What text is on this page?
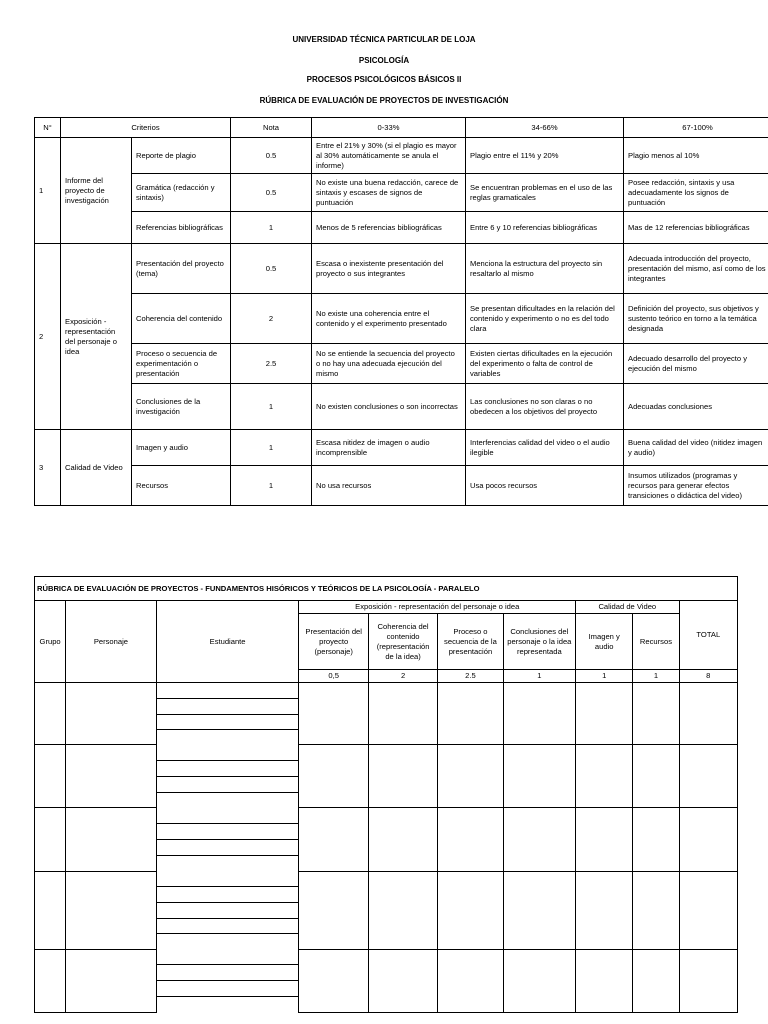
UNIVERSIDAD TÉCNICA PARTICULAR DE LOJA
PSICOLOGÍA
PROCESOS PSICOLÓGICOS BÁSICOS II
RÚBRICA DE EVALUACIÓN DE PROYECTOS DE INVESTIGACIÓN
N°	Criterios		Nota	0-33%	34-66%	67-100%
1	Informe del proyecto de investigación	Reporte de plagio	0.5	Entre el 21% y 30% (si el plagio es mayor al 30% automáticamente se anula el informe)	Plagio entre el 11% y 20%	Plagio menos al 10%
		Gramática (redacción y sintaxis)	0.5	No existe una buena redacción, carece de sintaxis y escases de signos de puntuación	Se encuentran problemas en el uso de las reglas gramaticales	Posee redacción, sintaxis y usa adecuadamente los signos de puntuación
		Referencias bibliográficas	1	Menos de 5 referencias bibliográficas	Entre 6 y 10 referencias bibliográficas	Mas de 12 referencias bibliográficas
2	Exposición - representación del personaje o idea	Presentación del proyecto (tema)	0.5	Escasa o inexistente presentación del proyecto o sus integrantes	Menciona la estructura del proyecto sin resaltarlo al mismo	Adecuada introducción del proyecto, presentación del mismo, así como de los integrantes
		Coherencia del contenido	2	No existe una coherencia entre el contenido y el experimento presentado	Se presentan dificultades en la relación del contenido y experimento o no es del todo clara	Definición del proyecto, sus objetivos y sustento teórico en torno a la temática designada
		Proceso o secuencia de experimentación o presentación	2.5	No se entiende la secuencia del proyecto o no hay una adecuada ejecución del mismo	Existen ciertas dificultades en la ejecución del experimento o falta de control de variables	Adecuado desarrollo del proyecto y ejecución del mismo
		Conclusiones de la investigación	1	No existen conclusiones o son incorrectas	Las conclusiones no son claras o no obedecen a los objetivos del proyecto	Adecuadas conclusiones
3	Calidad de Video	Imagen y audio	1	Escasa nitidez de imagen o audio incomprensible	Interferencias calidad del video o el audio ilegible	Buena calidad del video (nitidez imagen y audio)
		Recursos	1	No usa recursos	Usa pocos recursos	Insumos utilizados (programas y recursos para generar efectos transiciones o didáctica del video)
RÚBRICA DE EVALUACIÓN DE PROYECTOS - FUNDAMENTOS HISÓRICOS Y TEÓRICOS DE LA PSICOLOGÍA - PARALELO									
Grupo	Personaje	Estudiante	Exposición - representación del personaje o idea				Calidad de Video		TOTAL
			Presentación del proyecto (personaje)	Coherencia del contenido (representación de la idea)	Proceso o secuencia de la presentación	Conclusiones del personaje o la idea representada	Imagen y audio	Recursos	
			0,5	2	2.5	1	1	1	8
